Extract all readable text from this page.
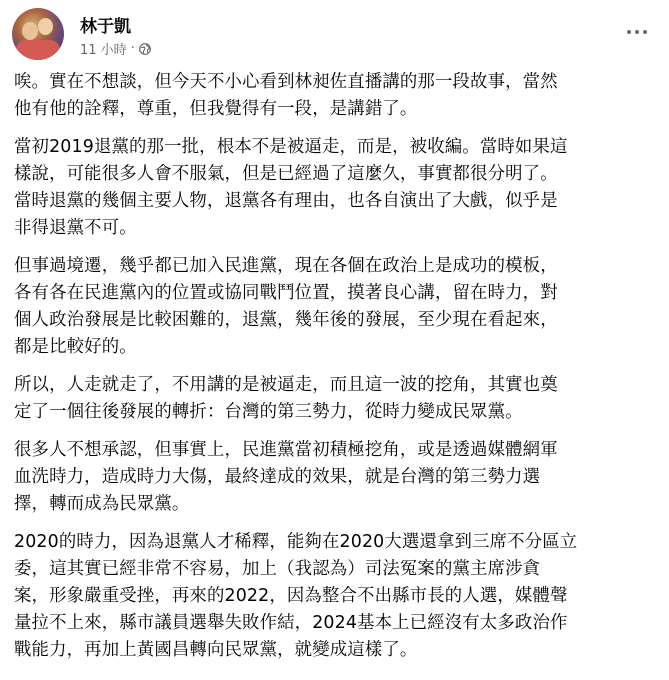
林于凱
11 小時 ·

唉。實在不想談，但今天不小心看到林昶佐直播講的那一段故事，當然
他有他的詮釋，尊重，但我覺得有一段，是講錯了。

當初2019退黨的那一批，根本不是被逼走，而是，被收編。當時如果這
樣說，可能很多人會不服氣，但是已經過了這麼久，事實都很分明了。
當時退黨的幾個主要人物，退黨各有理由，也各自演出了大戲，似乎是
非得退黨不可。

但事過境遷，幾乎都已加入民進黨，現在各個在政治上是成功的模板，
各有各在民進黨內的位置或協同戰鬥位置，摸著良心講，留在時力，對
個人政治發展是比較困難的，退黨，幾年後的發展，至少現在看起來，
都是比較好的。

所以，人走就走了，不用講的是被逼走，而且這一波的挖角，其實也奠
定了一個往後發展的轉折：台灣的第三勢力，從時力變成民眾黨。

很多人不想承認，但事實上，民進黨當初積極挖角，或是透過媒體網軍
血洗時力，造成時力大傷，最終達成的效果，就是台灣的第三勢力選
擇，轉而成為民眾黨。

2020的時力，因為退黨人才稀釋，能夠在2020大選還拿到三席不分區立
委，這其實已經非常不容易，加上（我認為）司法冤案的黨主席涉貪
案，形象嚴重受挫，再來的2022，因為整合不出縣市長的人選，媒體聲
量拉不上來，縣市議員選舉失敗作結，2024基本上已經沒有太多政治作
戰能力，再加上黃國昌轉向民眾黨，就變成這樣了。
